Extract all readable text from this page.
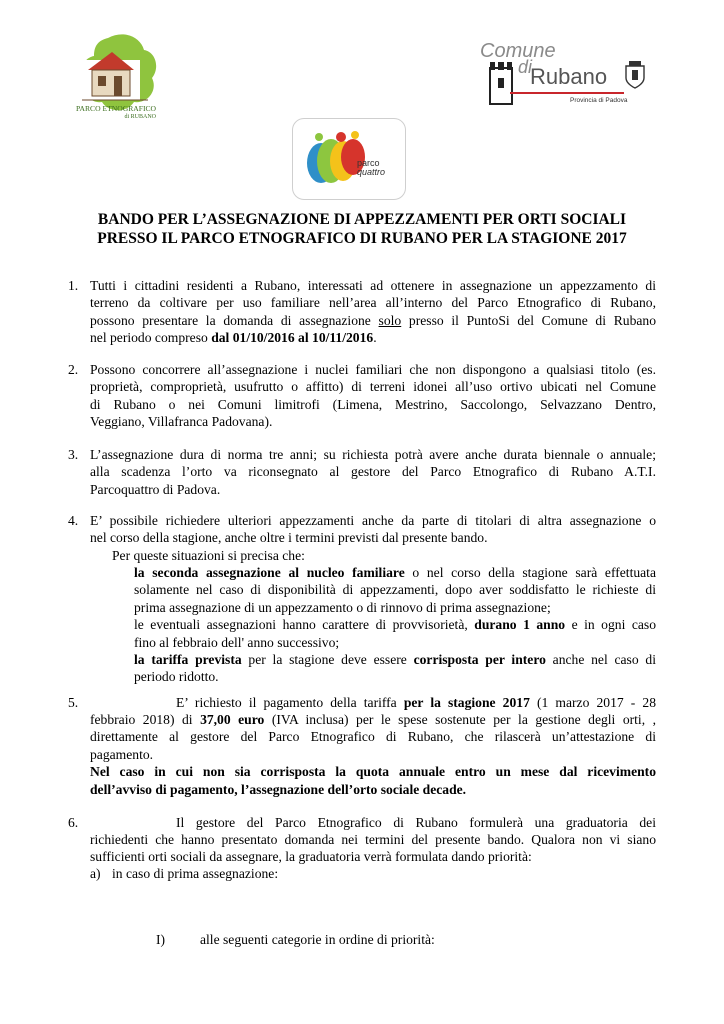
PARCO ETNOGRAFICO
di RUBANO
Comune
di
Rubano
Provincia di Padova
parco
quattro
BANDO PER L’ASSEGNAZIONE DI APPEZZAMENTI PER ORTI SOCIALI
PRESSO IL PARCO ETNOGRAFICO DI RUBANO PER LA STAGIONE 2017
1. Tutti i cittadini residenti a Rubano, interessati ad ottenere in assegnazione un appezzamento di
terreno da coltivare per uso familiare nell’area all’interno del Parco Etnografico di Rubano,
possono presentare la domanda di assegnazione solo presso il PuntoSi del Comune di Rubano
nel periodo compreso dal 01/10/2016 al 10/11/2016.
2. Possono concorrere all’assegnazione i nuclei familiari che non dispongono a qualsiasi titolo (es.
proprietà, comproprietà, usufrutto o affitto) di terreni idonei all’uso ortivo ubicati nel Comune
di Rubano o nei Comuni limitrofi (Limena, Mestrino, Saccolongo, Selvazzano Dentro,
Veggiano, Villafranca Padovana).
3. L’assegnazione dura di norma tre anni; su richiesta potrà avere anche durata biennale o annuale;
alla scadenza l’orto va riconsegnato al gestore del Parco Etnografico di Rubano A.T.I.
Parcoquattro di Padova.
4. E’ possibile richiedere ulteriori appezzamenti anche da parte di titolari di altra assegnazione o
nel corso della stagione, anche oltre i termini previsti dal presente bando.
Per queste situazioni si precisa che:
la seconda assegnazione al nucleo familiare o nel corso della stagione sarà effettuata
solamente nel caso di disponibilità di appezzamenti, dopo aver soddisfatto le richieste di
prima assegnazione di un appezzamento o di rinnovo di prima assegnazione;
le eventuali assegnazioni hanno carattere di provvisorietà, durano 1 anno e in ogni caso
fino al febbraio dell' anno successivo;
la tariffa prevista per la stagione deve essere corrisposta per intero anche nel caso di
periodo ridotto.
5.	E’ richiesto il pagamento della tariffa per la stagione 2017 (1 marzo 2017 - 28
febbraio 2018) di 37,00 euro (IVA inclusa) per le spese sostenute per la gestione degli orti, ,
direttamente al gestore del Parco Etnografico di Rubano, che rilascerà un’attestazione di
pagamento.
Nel caso in cui non sia corrisposta la quota annuale entro un mese dal ricevimento
dell’avviso di pagamento, l’assegnazione dell’orto sociale decade.
6.	Il gestore del Parco Etnografico di Rubano formulerà una graduatoria dei
richiedenti che hanno presentato domanda nei termini del presente bando. Qualora non vi siano
sufficienti orti sociali da assegnare, la graduatoria verrà formulata dando priorità:
a) in caso di prima assegnazione:
I)	alle seguenti categorie in ordine di priorità:
